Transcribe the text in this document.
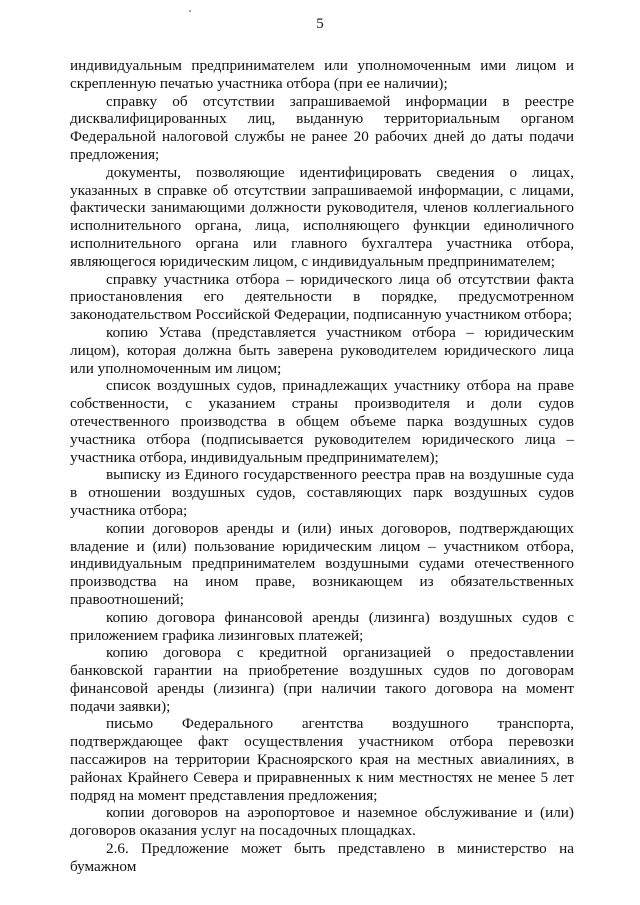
5

индивидуальным предпринимателем или уполномоченным ими лицом и скрепленную печатью участника отбора (при ее наличии);

справку об отсутствии запрашиваемой информации в реестре дисквалифицированных лиц, выданную территориальным органом Федеральной налоговой службы не ранее 20 рабочих дней до даты подачи предложения;

документы, позволяющие идентифицировать сведения о лицах, указанных в справке об отсутствии запрашиваемой информации, с лицами, фактически занимающими должности руководителя, членов коллегиального исполнительного органа, лица, исполняющего функции единоличного исполнительного органа или главного бухгалтера участника отбора, являющегося юридическим лицом, с индивидуальным предпринимателем;

справку участника отбора – юридического лица об отсутствии факта приостановления его деятельности в порядке, предусмотренном законодательством Российской Федерации, подписанную участником отбора;

копию Устава (представляется участником отбора – юридическим лицом), которая должна быть заверена руководителем юридического лица или уполномоченным им лицом;

список воздушных судов, принадлежащих участнику отбора на праве собственности, с указанием страны производителя и доли судов отечественного производства в общем объеме парка воздушных судов участника отбора (подписывается руководителем юридического лица – участника отбора, индивидуальным предпринимателем);

выписку из Единого государственного реестра прав на воздушные суда в отношении воздушных судов, составляющих парк воздушных судов участника отбора;

копии договоров аренды и (или) иных договоров, подтверждающих владение и (или) пользование юридическим лицом – участником отбора, индивидуальным предпринимателем воздушными судами отечественного производства на ином праве, возникающем из обязательственных правоотношений;

копию договора финансовой аренды (лизинга) воздушных судов с приложением графика лизинговых платежей;

копию договора с кредитной организацией о предоставлении банковской гарантии на приобретение воздушных судов по договорам финансовой аренды (лизинга) (при наличии такого договора на момент подачи заявки);

письмо Федерального агентства воздушного транспорта, подтверждающее факт осуществления участником отбора перевозки пассажиров на территории Красноярского края на местных авиалиниях, в районах Крайнего Севера и приравненных к ним местностях не менее 5 лет подряд на момент представления предложения;

копии договоров на аэропортовое и наземное обслуживание и (или) договоров оказания услуг на посадочных площадках.

2.6. Предложение может быть представлено в министерство на бумажном
